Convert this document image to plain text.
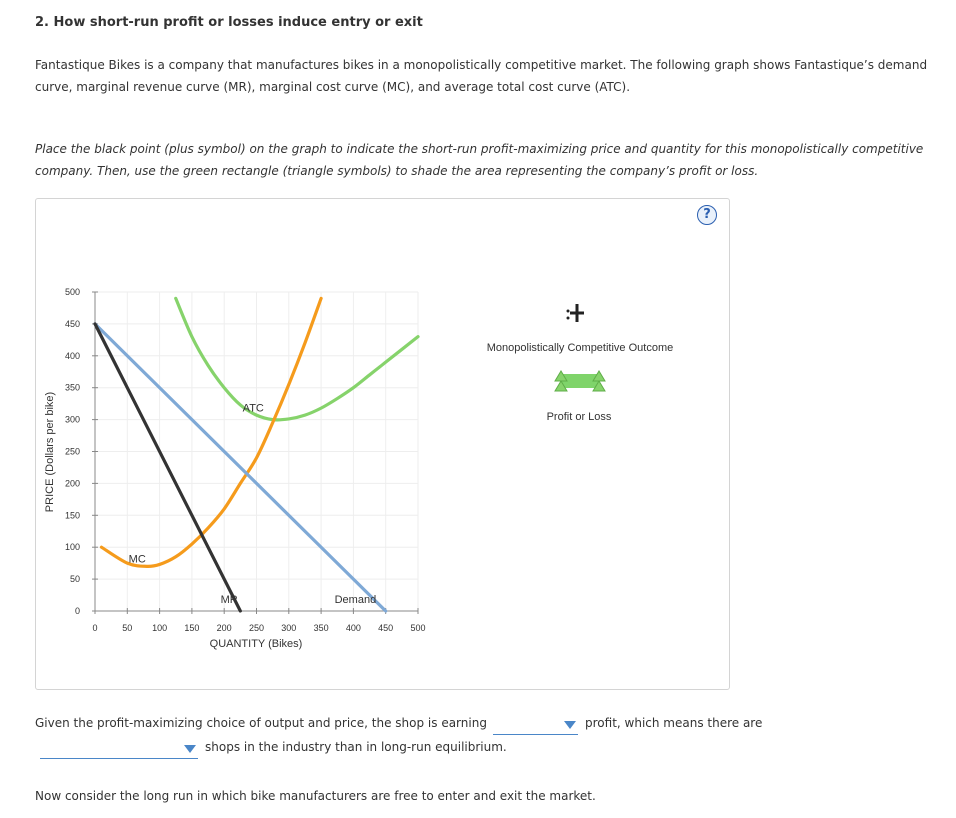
2. How short-run profit or losses induce entry or exit
Fantastique Bikes is a company that manufactures bikes in a monopolistically competitive market. The following graph shows Fantastique’s demand
curve, marginal revenue curve (MR), marginal cost curve (MC), and average total cost curve (ATC).
Place the black point (plus symbol) on the graph to indicate the short-run profit-maximizing price and quantity for this monopolistically competitive
company. Then, use the green rectangle (triangle symbols) to shade the area representing the company’s profit or loss.
?
0	50 100 150 200 250 300 350 400 450 500
0
50
100
150
200
250
300
350
400
450
500
QUANTITY (Bikes)
PRICE (Dollars per bike)
Demand
MR
MC
ATC
Monopolistically Competitive Outcome
Profit or Loss
Given the profit-maximizing choice of output and price, the shop is earning	profit, which means there are
shops in the industry than in long-run equilibrium.
Now consider the long run in which bike manufacturers are free to enter and exit the market.
